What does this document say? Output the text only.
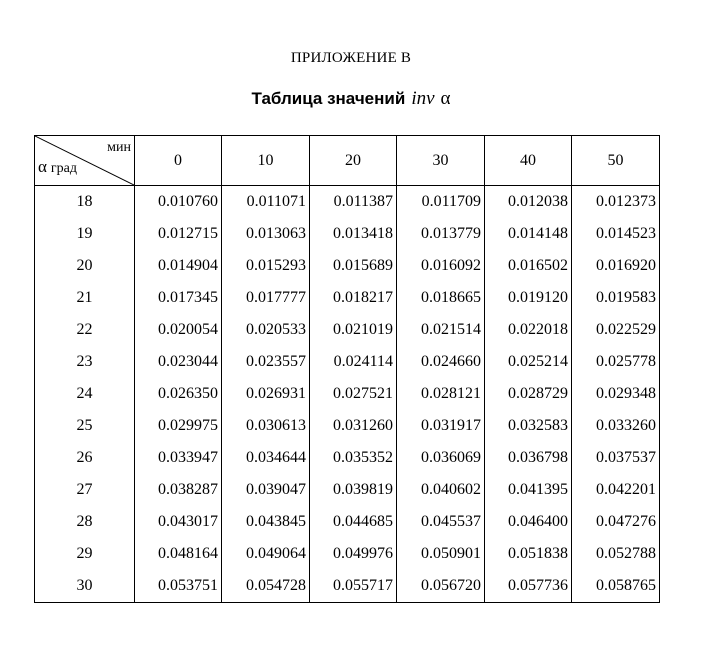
ПРИЛОЖЕНИЕ В
Таблица значений inv α
мин
α град	0	10	20	30	40	50
18	0.010760	0.011071	0.011387	0.011709	0.012038	0.012373
19	0.012715	0.013063	0.013418	0.013779	0.014148	0.014523
20	0.014904	0.015293	0.015689	0.016092	0.016502	0.016920
21	0.017345	0.017777	0.018217	0.018665	0.019120	0.019583
22	0.020054	0.020533	0.021019	0.021514	0.022018	0.022529
23	0.023044	0.023557	0.024114	0.024660	0.025214	0.025778
24	0.026350	0.026931	0.027521	0.028121	0.028729	0.029348
25	0.029975	0.030613	0.031260	0.031917	0.032583	0.033260
26	0.033947	0.034644	0.035352	0.036069	0.036798	0.037537
27	0.038287	0.039047	0.039819	0.040602	0.041395	0.042201
28	0.043017	0.043845	0.044685	0.045537	0.046400	0.047276
29	0.048164	0.049064	0.049976	0.050901	0.051838	0.052788
30	0.053751	0.054728	0.055717	0.056720	0.057736	0.058765
